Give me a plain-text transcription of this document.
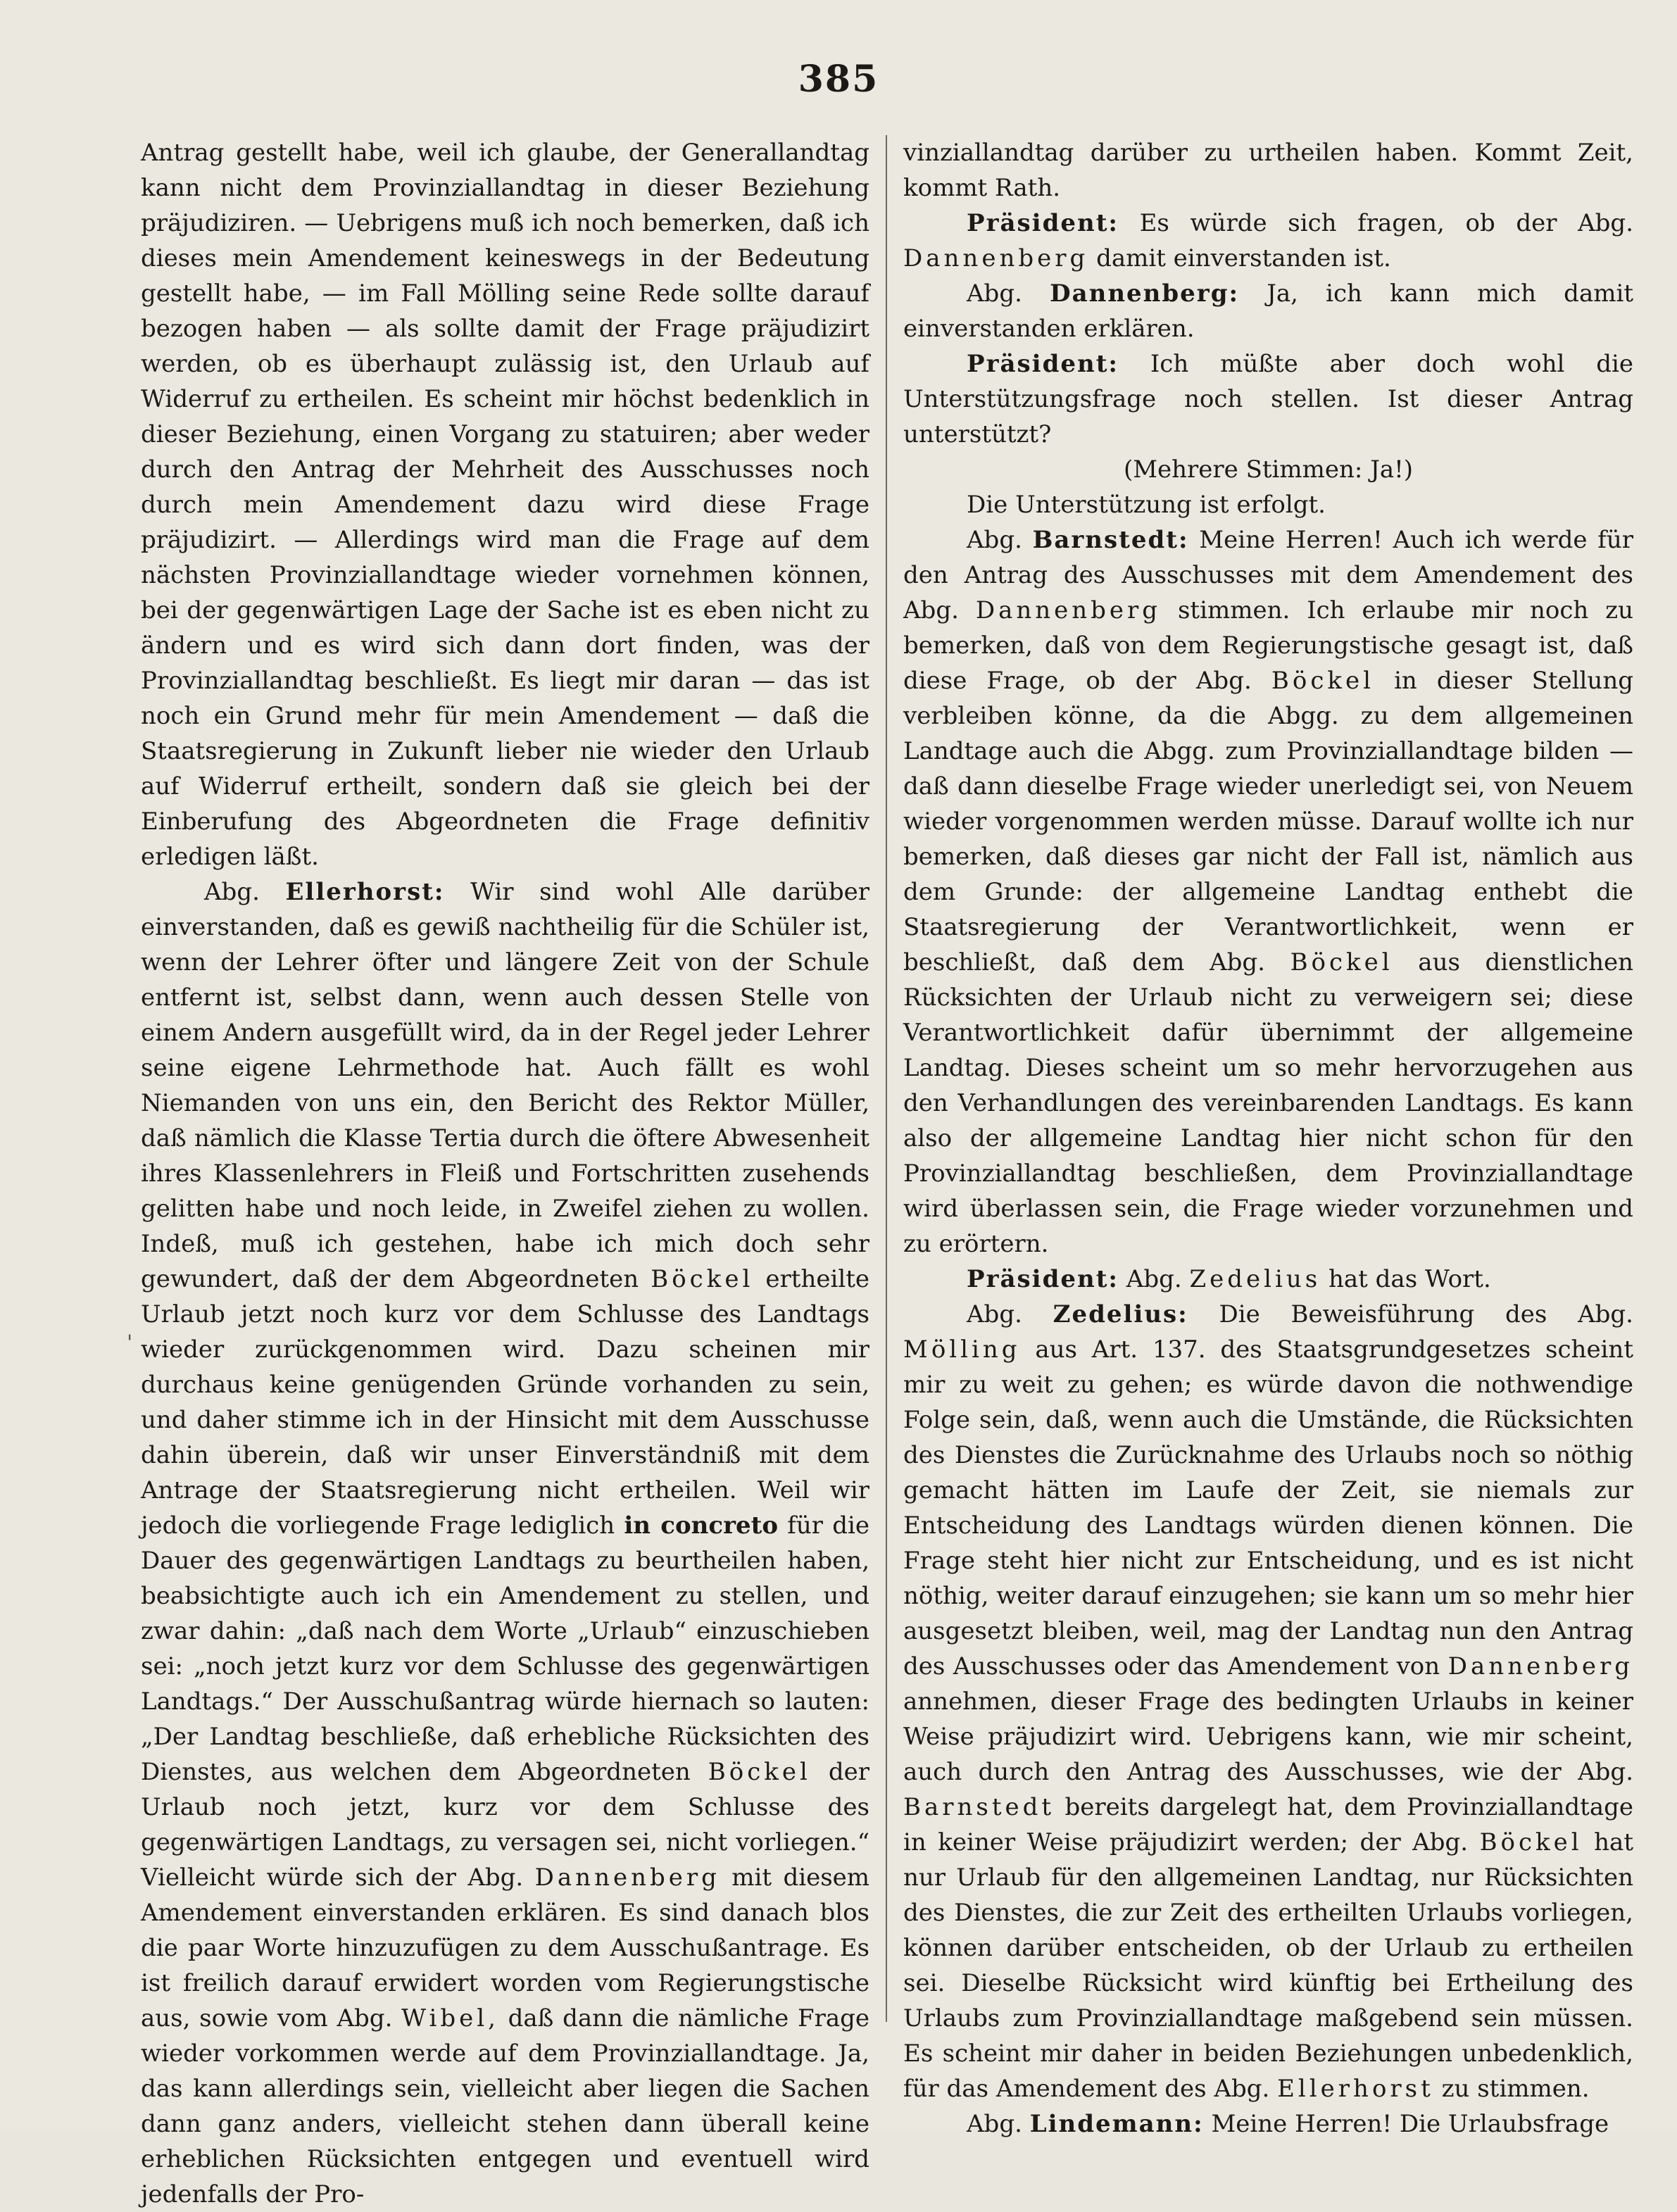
385
'

Antrag gestellt habe, weil ich glaube, der Generallandtag kann nicht dem Provinziallandtag in dieser Beziehung präjudiziren. — Uebrigens muß ich noch bemerken, daß ich dieses mein Amendement keineswegs in der Bedeutung gestellt habe, — im Fall Mölling seine Rede sollte darauf bezogen haben — als sollte damit der Frage präjudizirt werden, ob es überhaupt zulässig ist, den Urlaub auf Widerruf zu ertheilen. Es scheint mir höchst bedenklich in dieser Beziehung, einen Vorgang zu statuiren; aber weder durch den Antrag der Mehrheit des Ausschusses noch durch mein Amendement dazu wird diese Frage präjudizirt. — Allerdings wird man die Frage auf dem nächsten Provinziallandtage wieder vornehmen können, bei der gegenwärtigen Lage der Sache ist es eben nicht zu ändern und es wird sich dann dort finden, was der Provinziallandtag beschließt. Es liegt mir daran — das ist noch ein Grund mehr für mein Amendement — daß die Staatsregierung in Zukunft lieber nie wieder den Urlaub auf Widerruf ertheilt, sondern daß sie gleich bei der Einberufung des Abgeordneten die Frage definitiv erledigen läßt.

Abg. Ellerhorst: Wir sind wohl Alle darüber einverstanden, daß es gewiß nachtheilig für die Schüler ist, wenn der Lehrer öfter und längere Zeit von der Schule entfernt ist, selbst dann, wenn auch dessen Stelle von einem Andern ausgefüllt wird, da in der Regel jeder Lehrer seine eigene Lehrmethode hat. Auch fällt es wohl Niemanden von uns ein, den Bericht des Rektor Müller, daß nämlich die Klasse Tertia durch die öftere Abwesenheit ihres Klassenlehrers in Fleiß und Fortschritten zusehends gelitten habe und noch leide, in Zweifel ziehen zu wollen. Indeß, muß ich gestehen, habe ich mich doch sehr gewundert, daß der dem Abgeordneten Böckel ertheilte Urlaub jetzt noch kurz vor dem Schlusse des Landtags wieder zurückgenommen wird. Dazu scheinen mir durchaus keine genügenden Gründe vorhanden zu sein, und daher stimme ich in der Hinsicht mit dem Ausschusse dahin überein, daß wir unser Einverständniß mit dem Antrage der Staatsregierung nicht ertheilen. Weil wir jedoch die vorliegende Frage lediglich in concreto für die Dauer des gegenwärtigen Landtags zu beurtheilen haben, beabsichtigte auch ich ein Amendement zu stellen, und zwar dahin: „daß nach dem Worte „Urlaub“ einzuschieben sei: „noch jetzt kurz vor dem Schlusse des gegenwärtigen Landtags.“ Der Ausschußantrag würde hiernach so lauten: „Der Landtag beschließe, daß erhebliche Rücksichten des Dienstes, aus welchen dem Abgeordneten Böckel der Urlaub noch jetzt, kurz vor dem Schlusse des gegenwärtigen Landtags, zu versagen sei, nicht vorliegen.“ Vielleicht würde sich der Abg. Dannenberg mit diesem Amendement einverstanden erklären. Es sind danach blos die paar Worte hinzuzufügen zu dem Ausschußantrage. Es ist freilich darauf erwidert worden vom Regierungstische aus, sowie vom Abg. Wibel, daß dann die nämliche Frage wieder vorkommen werde auf dem Provinziallandtage. Ja, das kann allerdings sein, vielleicht aber liegen die Sachen dann ganz anders, vielleicht stehen dann überall keine erheblichen Rücksichten entgegen und eventuell wird jedenfalls der Pro-

vinziallandtag darüber zu urtheilen haben. Kommt Zeit, kommt Rath.

Präsident: Es würde sich fragen, ob der Abg. Dannenberg damit einverstanden ist.

Abg. Dannenberg: Ja, ich kann mich damit einverstanden erklären.

Präsident: Ich müßte aber doch wohl die Unterstützungsfrage noch stellen. Ist dieser Antrag unterstützt?

(Mehrere Stimmen: Ja!)

Die Unterstützung ist erfolgt.

Abg. Barnstedt: Meine Herren! Auch ich werde für den Antrag des Ausschusses mit dem Amendement des Abg. Dannenberg stimmen. Ich erlaube mir noch zu bemerken, daß von dem Regierungstische gesagt ist, daß diese Frage, ob der Abg. Böckel in dieser Stellung verbleiben könne, da die Abgg. zu dem allgemeinen Landtage auch die Abgg. zum Provinziallandtage bilden — daß dann dieselbe Frage wieder unerledigt sei, von Neuem wieder vorgenommen werden müsse. Darauf wollte ich nur bemerken, daß dieses gar nicht der Fall ist, nämlich aus dem Grunde: der allgemeine Landtag enthebt die Staatsregierung der Verantwortlichkeit, wenn er beschließt, daß dem Abg. Böckel aus dienstlichen Rücksichten der Urlaub nicht zu verweigern sei; diese Verantwortlichkeit dafür übernimmt der allgemeine Landtag. Dieses scheint um so mehr hervorzugehen aus den Verhandlungen des vereinbarenden Landtags. Es kann also der allgemeine Landtag hier nicht schon für den Provinziallandtag beschließen, dem Provinziallandtage wird überlassen sein, die Frage wieder vorzunehmen und zu erörtern.

Präsident: Abg. Zedelius hat das Wort.

Abg. Zedelius: Die Beweisführung des Abg. Mölling aus Art. 137. des Staatsgrundgesetzes scheint mir zu weit zu gehen; es würde davon die nothwendige Folge sein, daß, wenn auch die Umstände, die Rücksichten des Dienstes die Zurücknahme des Urlaubs noch so nöthig gemacht hätten im Laufe der Zeit, sie niemals zur Entscheidung des Landtags würden dienen können. Die Frage steht hier nicht zur Entscheidung, und es ist nicht nöthig, weiter darauf einzugehen; sie kann um so mehr hier ausgesetzt bleiben, weil, mag der Landtag nun den Antrag des Ausschusses oder das Amendement von Dannenberg annehmen, dieser Frage des bedingten Urlaubs in keiner Weise präjudizirt wird. Uebrigens kann, wie mir scheint, auch durch den Antrag des Ausschusses, wie der Abg. Barnstedt bereits dargelegt hat, dem Provinziallandtage in keiner Weise präjudizirt werden; der Abg. Böckel hat nur Urlaub für den allgemeinen Landtag, nur Rücksichten des Dienstes, die zur Zeit des ertheilten Urlaubs vorliegen, können darüber entscheiden, ob der Urlaub zu ertheilen sei. Dieselbe Rücksicht wird künftig bei Ertheilung des Urlaubs zum Provinziallandtage maßgebend sein müssen. Es scheint mir daher in beiden Beziehungen unbedenklich, für das Amendement des Abg. Ellerhorst zu stimmen.

Abg. Lindemann: Meine Herren! Die Urlaubsfrage
